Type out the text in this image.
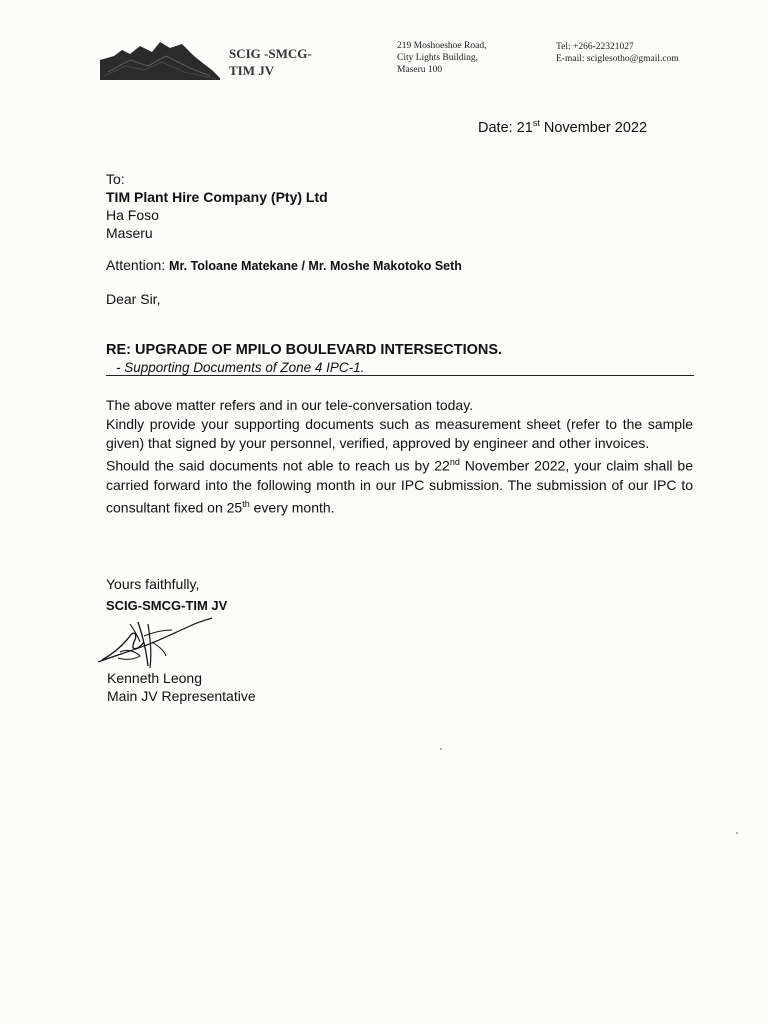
SCIG -SMCG-
TIM JV
219 Moshoeshoe Road,
City Lights Building,
Maseru 100
Tel: +266-22321027
E-mail: sciglesotho@gmail.com
Date: 21st November 2022
To:
TIM Plant Hire Company (Pty) Ltd
Ha Foso
Maseru
Attention: Mr. Toloane Matekane / Mr. Moshe Makotoko Seth
Dear Sir,
RE: UPGRADE OF MPILO BOULEVARD INTERSECTIONS.
- Supporting Documents of Zone 4 IPC-1.

The above matter refers and in our tele-conversation today.

Kindly provide your supporting documents such as measurement sheet (refer to the sample given) that signed by your personnel, verified, approved by engineer and other invoices.

Should the said documents not able to reach us by 22nd November 2022, your claim shall be carried forward into the following month in our IPC submission. The submission of our IPC to consultant fixed on 25th every month.

Yours faithfully,
SCIG-SMCG-TIM JV
Kenneth Leong
Main JV Representative
